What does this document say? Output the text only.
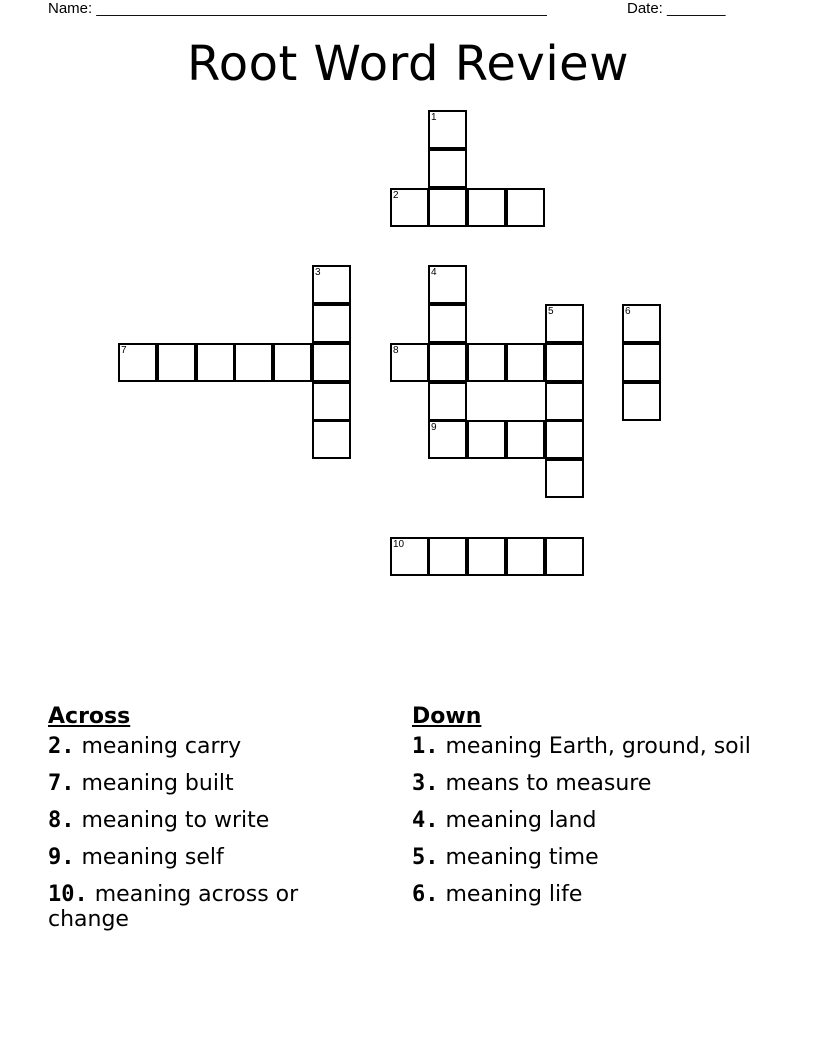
Name: ______________________________________________________	Date: _______
Root Word Review
1
2
3	4
5	6
7	8
9
10
Across
2. meaning carry
7. meaning built
8. meaning to write
9. meaning self
10. meaning across or change
Down
1. meaning Earth, ground, soil
3. means to measure
4. meaning land
5. meaning time
6. meaning life
